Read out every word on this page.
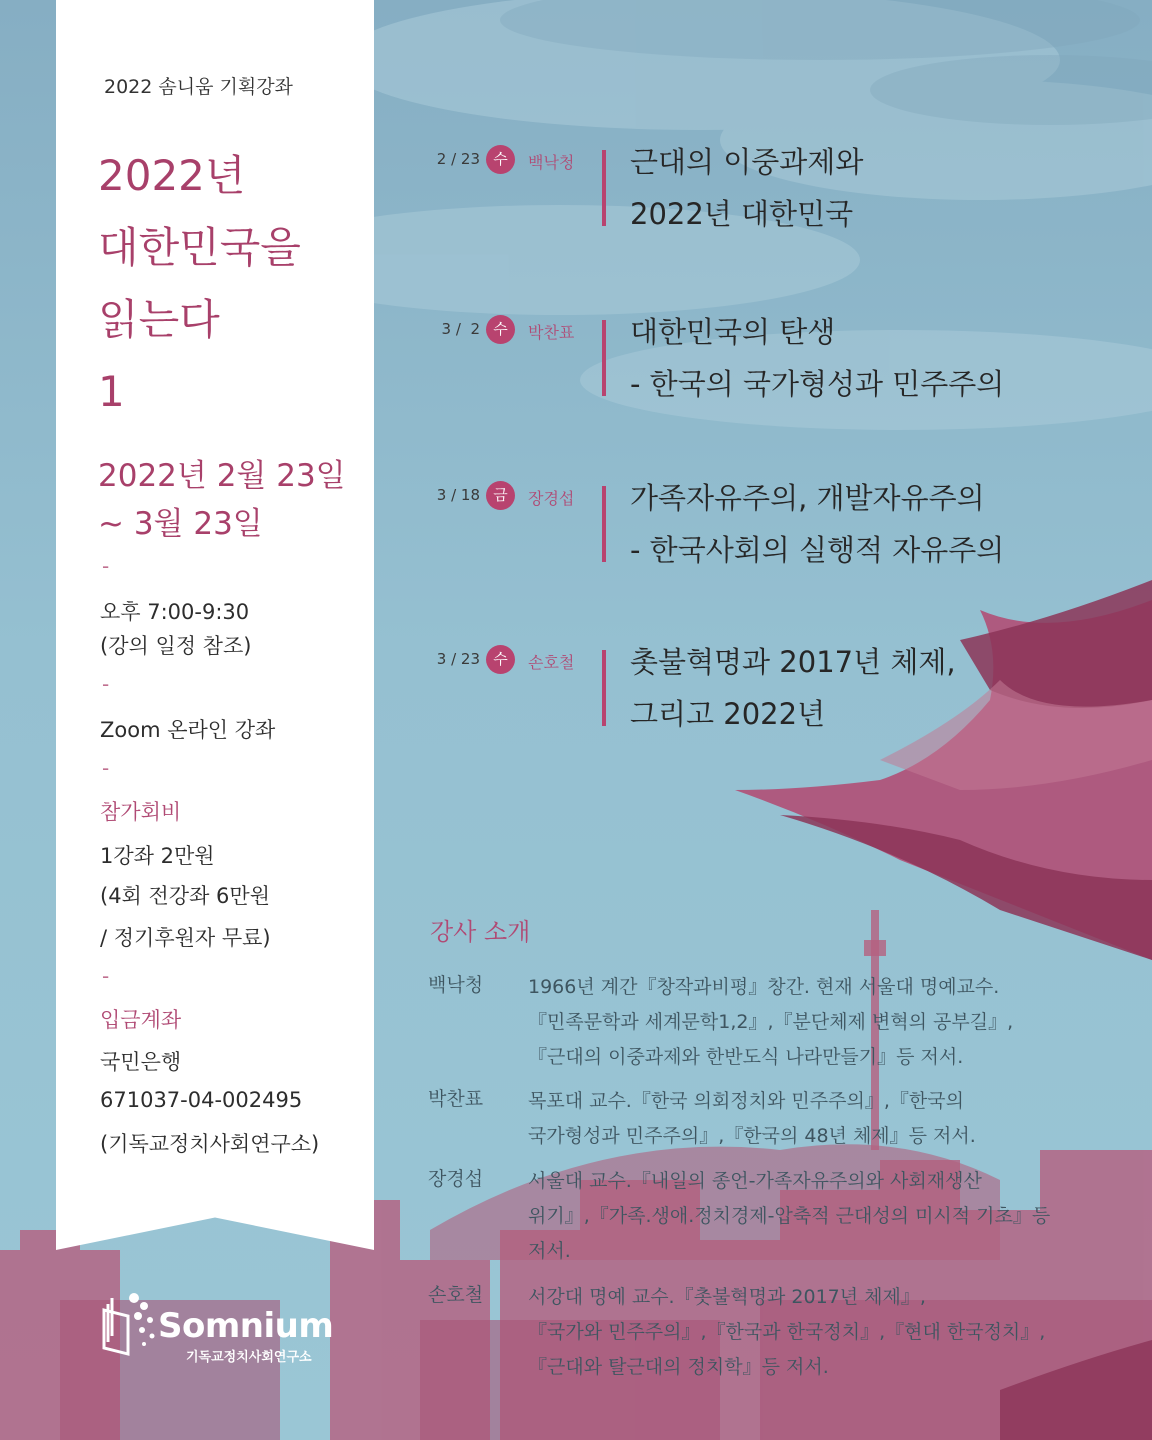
2022 솜니움 기획강좌
2022년
대한민국을
읽는다
1
2022년 2월 23일
~ 3월 23일
-
오후 7:00-9:30
(강의 일정 참조)
-
Zoom 온라인 강좌
-
참가회비
1강좌 2만원
(4회 전강좌 6만원
/ 정기후원자 무료)
-
입금계좌
국민은행
671037-04-002495
(기독교정치사회연구소)
Somnium
기독교정치사회연구소
2 / 23 수	백낙청 근대의 이중과제와
2022년 대한민국
3 /  2 수	박찬표 대한민국의 탄생
- 한국의 국가형성과 민주주의
3 / 18 금	장경섭 가족자유주의, 개발자유주의
- 한국사회의 실행적 자유주의
3 / 23 수	손호철 촛불혁명과 2017년 체제,
그리고 2022년
강사 소개
백낙청 1966년 계간『창작과비평』창간. 현재 서울대 명예교수.
『민족문학과 세계문학1,2』,『분단체제 변혁의 공부길』,
『근대의 이중과제와 한반도식 나라만들기』등 저서.
박찬표 목포대 교수.『한국 의회정치와 민주주의』,『한국의
국가형성과 민주주의』,『한국의 48년 체제』등 저서.
장경섭 서울대 교수.『내일의 종언-가족자유주의와 사회재생산
위기』,『가족.생애.정치경제-압축적 근대성의 미시적 기초』등
저서.
손호철 서강대 명예 교수.『촛불혁명과 2017년 체제』,
『국가와 민주주의』,『한국과 한국정치』,『현대 한국정치』,
『근대와 탈근대의 정치학』등 저서.
